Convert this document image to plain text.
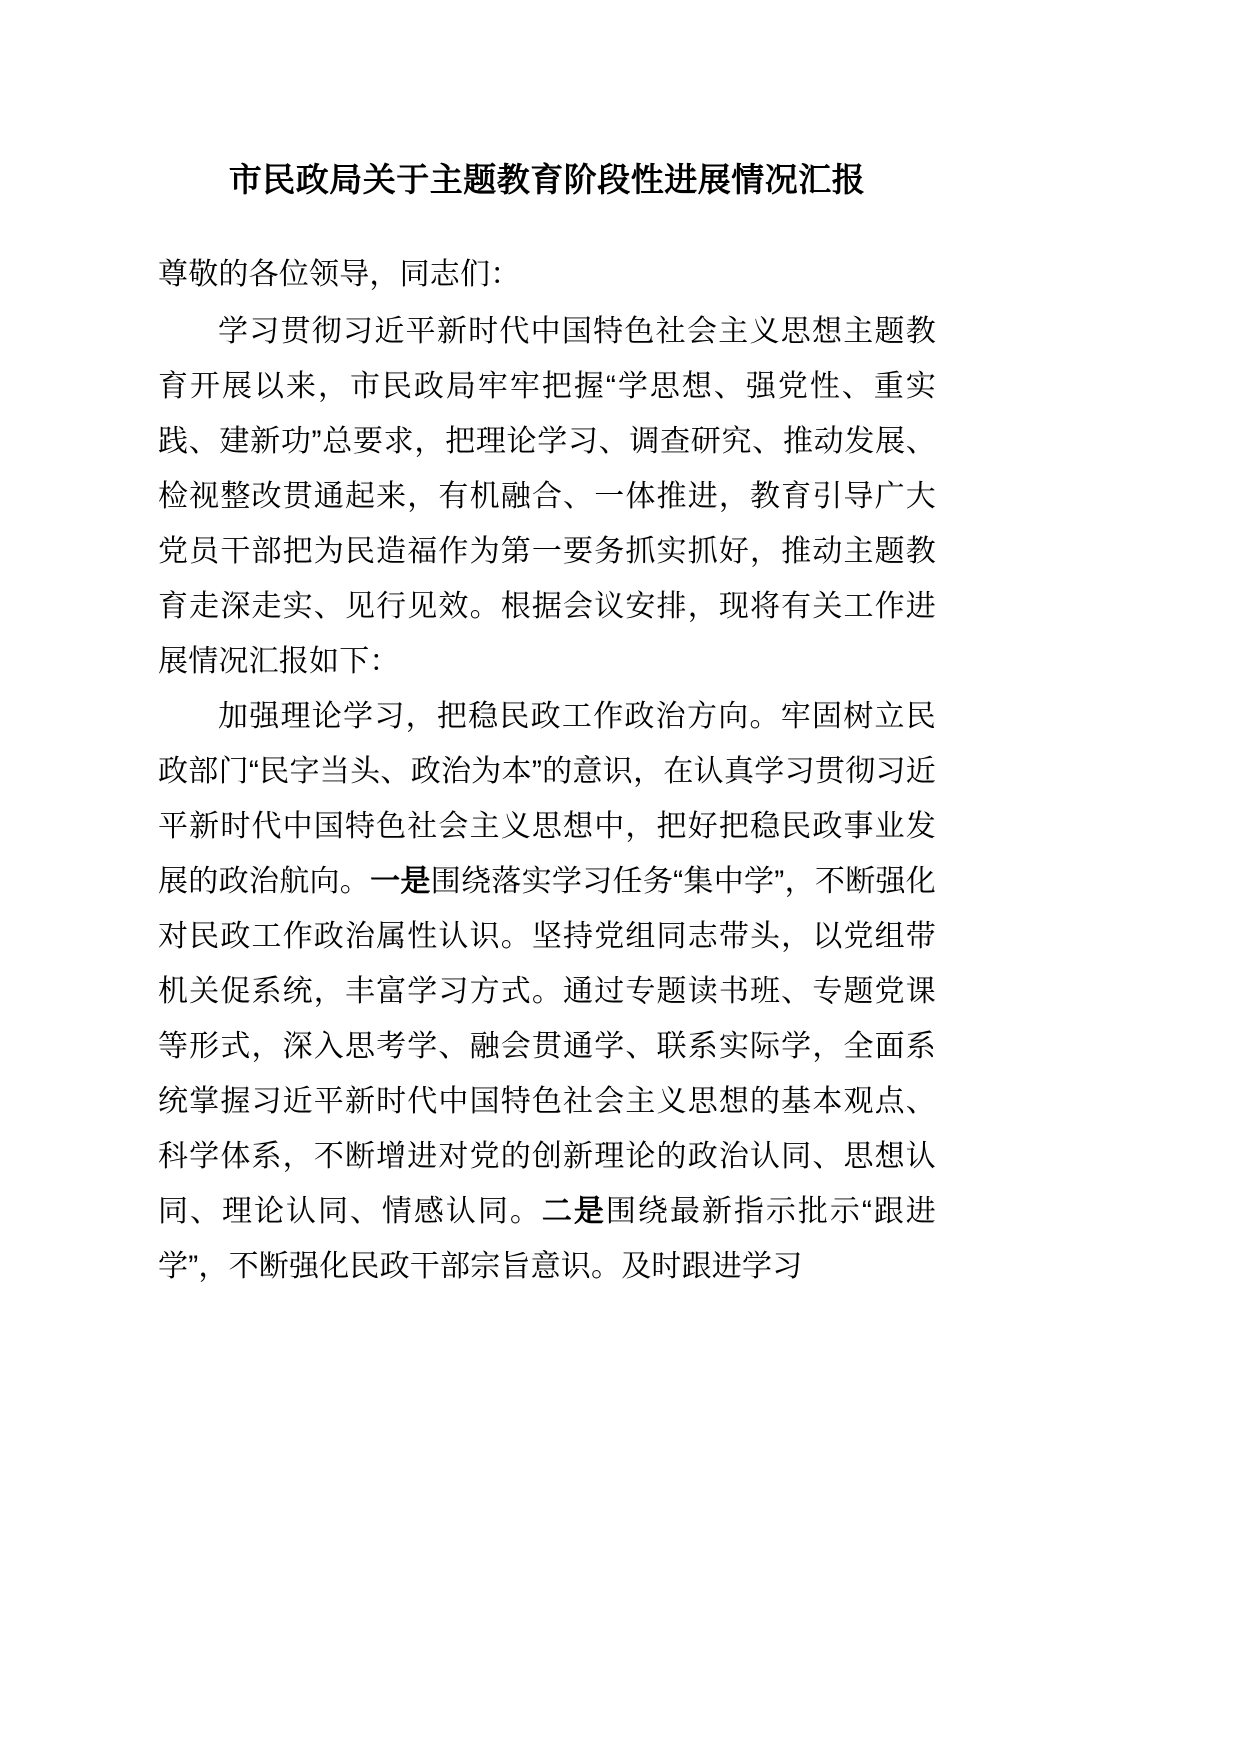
市民政局关于主题教育阶段性进展情况汇报

尊敬的各位领导，同志们：

学习贯彻习近平新时代中国特色社会主义思想主题教育开展以来，市民政局牢牢把握“学思想、强党性、重实践、建新功”总要求，把理论学习、调查研究、推动发展、检视整改贯通起来，有机融合、一体推进，教育引导广大党员干部把为民造福作为第一要务抓实抓好，推动主题教育走深走实、见行见效。根据会议安排，现将有关工作进展情况汇报如下：

加强理论学习，把稳民政工作政治方向。牢固树立民政部门“民字当头、政治为本”的意识，在认真学习贯彻习近平新时代中国特色社会主义思想中，把好把稳民政事业发展的政治航向。一是围绕落实学习任务“集中学”，不断强化对民政工作政治属性认识。坚持党组同志带头，以党组带机关促系统，丰富学习方式。通过专题读书班、专题党课等形式，深入思考学、融会贯通学、联系实际学，全面系统掌握习近平新时代中国特色社会主义思想的基本观点、科学体系，不断增进对党的创新理论的政治认同、思想认同、理论认同、情感认同。二是围绕最新指示批示“跟进学”，不断强化民政干部宗旨意识。及时跟进学习
